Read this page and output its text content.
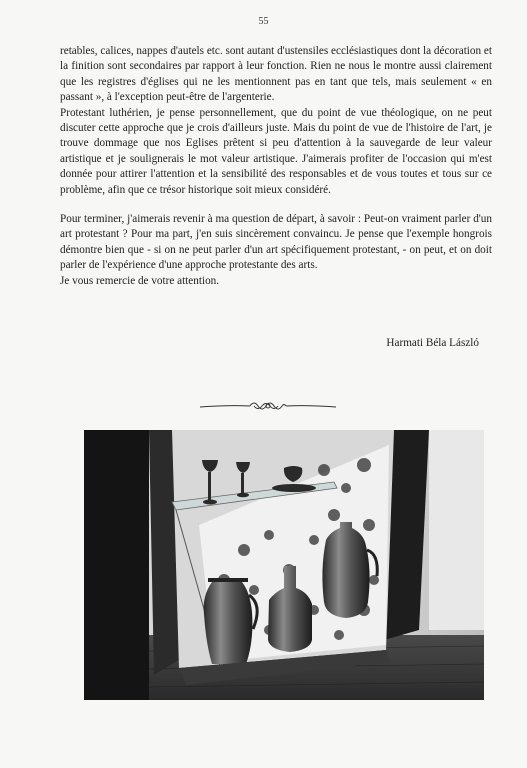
55

retables, calices, nappes d'autels etc. sont autant d'ustensiles ecclésiastiques dont la décoration et la finition sont secondaires par rapport à leur fonction. Rien ne nous le montre aussi clairement que les registres d'églises qui ne les mentionnent pas en tant que tels, mais seulement « en passant », à l'exception peut-être de l'argenterie.

Protestant luthérien, je pense personnellement, que du point de vue théologique, on ne peut discuter cette approche que je crois d'ailleurs juste. Mais du point de vue de l'histoire de l'art, je trouve dommage que nos Eglises prêtent si peu d'attention à la sauvegarde de leur valeur artistique et je soulignerais le mot valeur artistique. J'aimerais profiter de l'occasion qui m'est donnée pour attirer l'attention et la sensibilité des responsables et de vous toutes et tous sur ce problème, afin que ce trésor historique soit mieux considéré.

Pour terminer, j'aimerais revenir à ma question de départ, à savoir : Peut-on vraiment parler d'un art protestant ? Pour ma part, j'en suis sincèrement convaincu. Je pense que l'exemple hongrois démontre bien que - si on ne peut parler d'un art spécifiquement protestant, - on peut, et on doit parler de l'expérience d'une approche protestante des arts.

Je vous remercie de votre attention.

Harmati Béla László
